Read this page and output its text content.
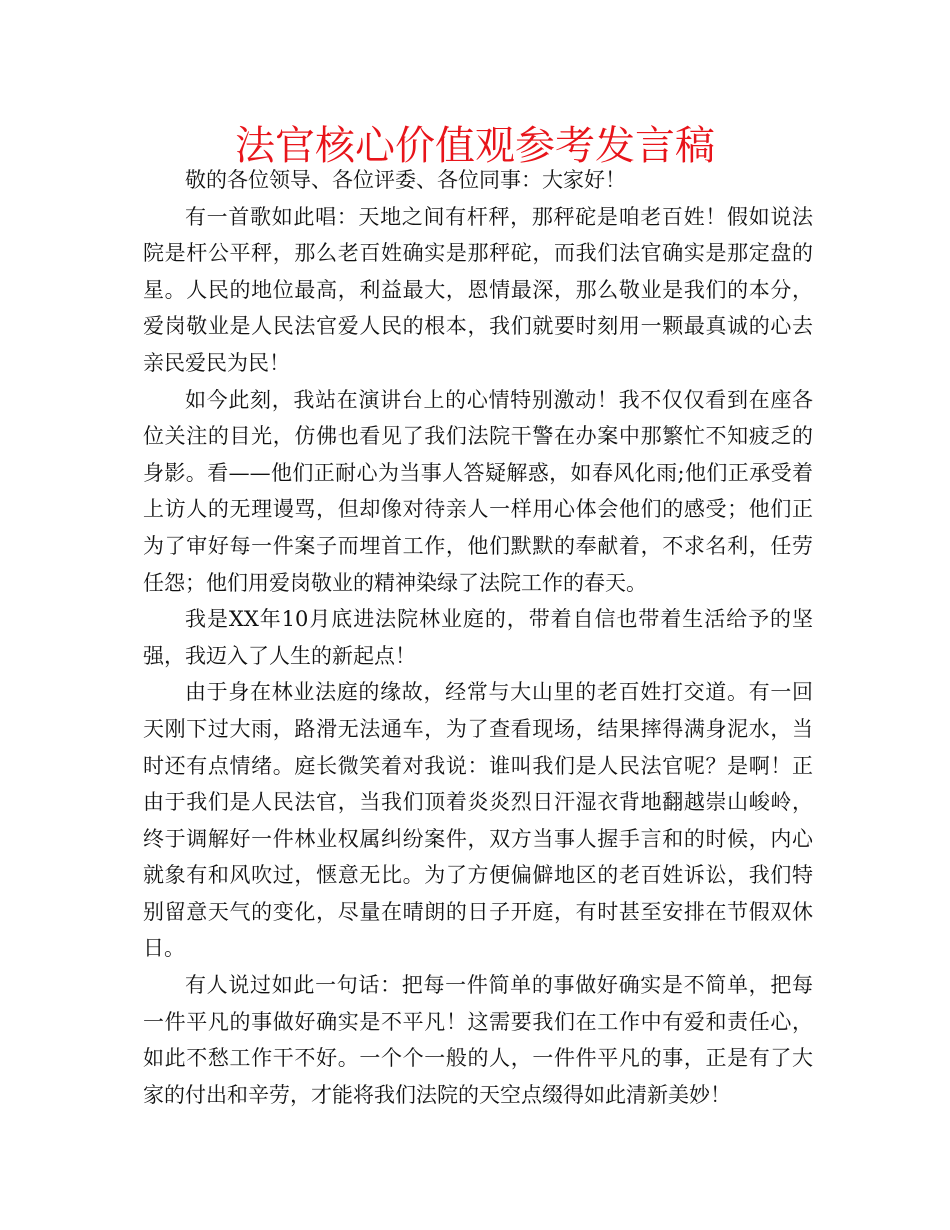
法官核心价值观参考发言稿

敬的各位领导、各位评委、各位同事：大家好！

有一首歌如此唱：天地之间有杆秤，那秤砣是咱老百姓！假如说法院是杆公平秤，那么老百姓确实是那秤砣，而我们法官确实是那定盘的星。人民的地位最高，利益最大，恩情最深，那么敬业是我们的本分，爱岗敬业是人民法官爱人民的根本，我们就要时刻用一颗最真诚的心去亲民爱民为民！

如今此刻，我站在演讲台上的心情特别激动！我不仅仅看到在座各位关注的目光，仿佛也看见了我们法院干警在办案中那繁忙不知疲乏的身影。看——他们正耐心为当事人答疑解惑，如春风化雨;他们正承受着上访人的无理谩骂，但却像对待亲人一样用心体会他们的感受；他们正为了审好每一件案子而埋首工作，他们默默的奉献着，不求名利，任劳任怨；他们用爱岗敬业的精神染绿了法院工作的春天。

我是XX年10月底进法院林业庭的，带着自信也带着生活给予的坚强，我迈入了人生的新起点！

由于身在林业法庭的缘故，经常与大山里的老百姓打交道。有一回天刚下过大雨，路滑无法通车，为了查看现场，结果摔得满身泥水，当时还有点情绪。庭长微笑着对我说：谁叫我们是人民法官呢？是啊！正由于我们是人民法官，当我们顶着炎炎烈日汗湿衣背地翻越崇山峻岭，终于调解好一件林业权属纠纷案件，双方当事人握手言和的时候，内心就象有和风吹过，惬意无比。为了方便偏僻地区的老百姓诉讼，我们特别留意天气的变化，尽量在晴朗的日子开庭，有时甚至安排在节假双休日。

有人说过如此一句话：把每一件简单的事做好确实是不简单，把每一件平凡的事做好确实是不平凡！这需要我们在工作中有爱和责任心，如此不愁工作干不好。一个个一般的人，一件件平凡的事，正是有了大家的付出和辛劳，才能将我们法院的天空点缀得如此清新美妙！
